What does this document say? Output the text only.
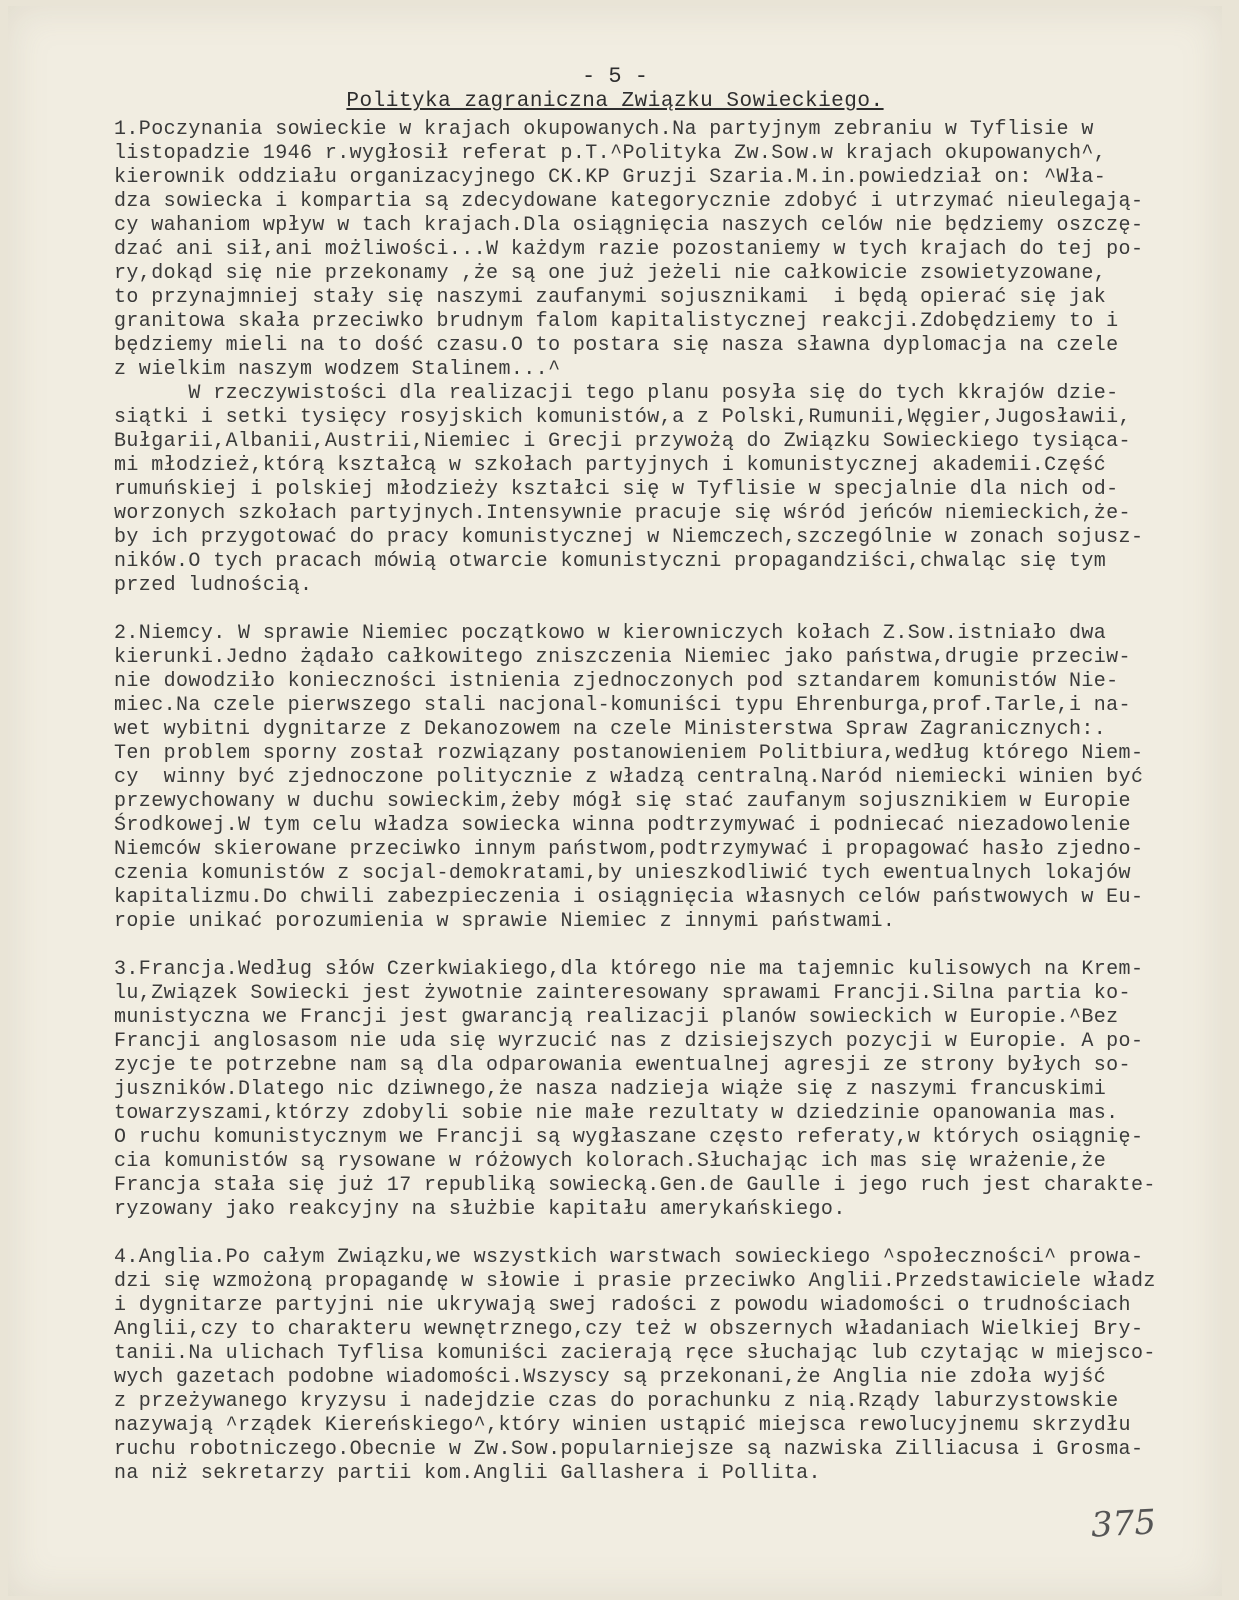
​
- 5 -
Polityka zagraniczna Związku Sowieckiego.
1.Poczynania sowieckie w krajach okupowanych.Na partyjnym zebraniu w Tyflisie w
listopadzie 1946 r.wygłosił referat p.T.^Polityka Zw.Sow.w krajach okupowanych^,
kierownik oddziału organizacyjnego CK.KP Gruzji Szaria.M.in.powiedział on: ^Wła-
dza sowiecka i kompartia są zdecydowane kategorycznie zdobyć i utrzymać nieulegają-
cy wahaniom wpływ w tach krajach.Dla osiągnięcia naszych celów nie będziemy oszczę-
dzać ani sił,ani możliwości...W każdym razie pozostaniemy w tych krajach do tej po-
ry,dokąd się nie przekonamy ,że są one już jeżeli nie całkowicie zsowietyzowane,
to przynajmniej stały się naszymi zaufanymi sojusznikami  i będą opierać się jak
granitowa skała przeciwko brudnym falom kapitalistycznej reakcji.Zdobędziemy to i
będziemy mieli na to dość czasu.O to postara się nasza sławna dyplomacja na czele
z wielkim naszym wodzem Stalinem...^
W rzeczywistości dla realizacji tego planu posyła się do tych kkrajów dzie-
siątki i setki tysięcy rosyjskich komunistów,a z Polski,Rumunii,Węgier,Jugosławii,
Bułgarii,Albanii,Austrii,Niemiec i Grecji przywożą do Związku Sowieckiego tysiąca-
mi młodzież,którą kształcą w szkołach partyjnych i komunistycznej akademii.Część
rumuńskiej i polskiej młodzieży kształci się w Tyflisie w specjalnie dla nich od-
worzonych szkołach partyjnych.Intensywnie pracuje się wśród jeńców niemieckich,że-
by ich przygotować do pracy komunistycznej w Niemczech,szczególnie w zonach sojusz-
ników.O tych pracach mówią otwarcie komunistyczni propagandziści,chwaląc się tym
przed ludnością.
2.Niemcy. W sprawie Niemiec początkowo w kierowniczych kołach Z.Sow.istniało dwa
kierunki.Jedno żądało całkowitego zniszczenia Niemiec jako państwa,drugie przeciw-
nie dowodziło konieczności istnienia zjednoczonych pod sztandarem komunistów Nie-
miec.Na czele pierwszego stali nacjonal-komuniści typu Ehrenburga,prof.Tarle,i na-
wet wybitni dygnitarze z Dekanozowem na czele Ministerstwa Spraw Zagranicznych:.
Ten problem sporny został rozwiązany postanowieniem Politbiura,według którego Niem-
cy  winny być zjednoczone politycznie z władzą centralną.Naród niemiecki winien być
przewychowany w duchu sowieckim,żeby mógł się stać zaufanym sojusznikiem w Europie
Środkowej.W tym celu władza sowiecka winna podtrzymywać i podniecać niezadowolenie
Niemców skierowane przeciwko innym państwom,podtrzymywać i propagować hasło zjedno-
czenia komunistów z socjal-demokratami,by unieszkodliwić tych ewentualnych lokajów
kapitalizmu.Do chwili zabezpieczenia i osiągnięcia własnych celów państwowych w Eu-
ropie unikać porozumienia w sprawie Niemiec z innymi państwami.
3.Francja.Według słów Czerkwiakiego,dla którego nie ma tajemnic kulisowych na Krem-
lu,Związek Sowiecki jest żywotnie zainteresowany sprawami Francji.Silna partia ko-
munistyczna we Francji jest gwarancją realizacji planów sowieckich w Europie.^Bez
Francji anglosasom nie uda się wyrzucić nas z dzisiejszych pozycji w Europie. A po-
zycje te potrzebne nam są dla odparowania ewentualnej agresji ze strony byłych so-
juszników.Dlatego nic dziwnego,że nasza nadzieja wiąże się z naszymi francuskimi
towarzyszami,którzy zdobyli sobie nie małe rezultaty w dziedzinie opanowania mas.
O ruchu komunistycznym we Francji są wygłaszane często referaty,w których osiągnię-
cia komunistów są rysowane w różowych kolorach.Słuchając ich mas się wrażenie,że
Francja stała się już 17 republiką sowiecką.Gen.de Gaulle i jego ruch jest charakte-
ryzowany jako reakcyjny na służbie kapitału amerykańskiego.
4.Anglia.Po całym Związku,we wszystkich warstwach sowieckiego ^społeczności^ prowa-
dzi się wzmożoną propagandę w słowie i prasie przeciwko Anglii.Przedstawiciele władz
i dygnitarze partyjni nie ukrywają swej radości z powodu wiadomości o trudnościach
Anglii,czy to charakteru wewnętrznego,czy też w obszernych władaniach Wielkiej Bry-
tanii.Na ulichach Tyflisa komuniści zacierają ręce słuchając lub czytając w miejsco-
wych gazetach podobne wiadomości.Wszyscy są przekonani,że Anglia nie zdoła wyjść
z przeżywanego kryzysu i nadejdzie czas do porachunku z nią.Rządy laburzystowskie
nazywają ^rządek Kiereńskiego^,który winien ustąpić miejsca rewolucyjnemu skrzydłu
ruchu robotniczego.Obecnie w Zw.Sow.popularniejsze są nazwiska Zilliacusa i Grosma-
na niż sekretarzy partii kom.Anglii Gallashera i Pollita.
375
